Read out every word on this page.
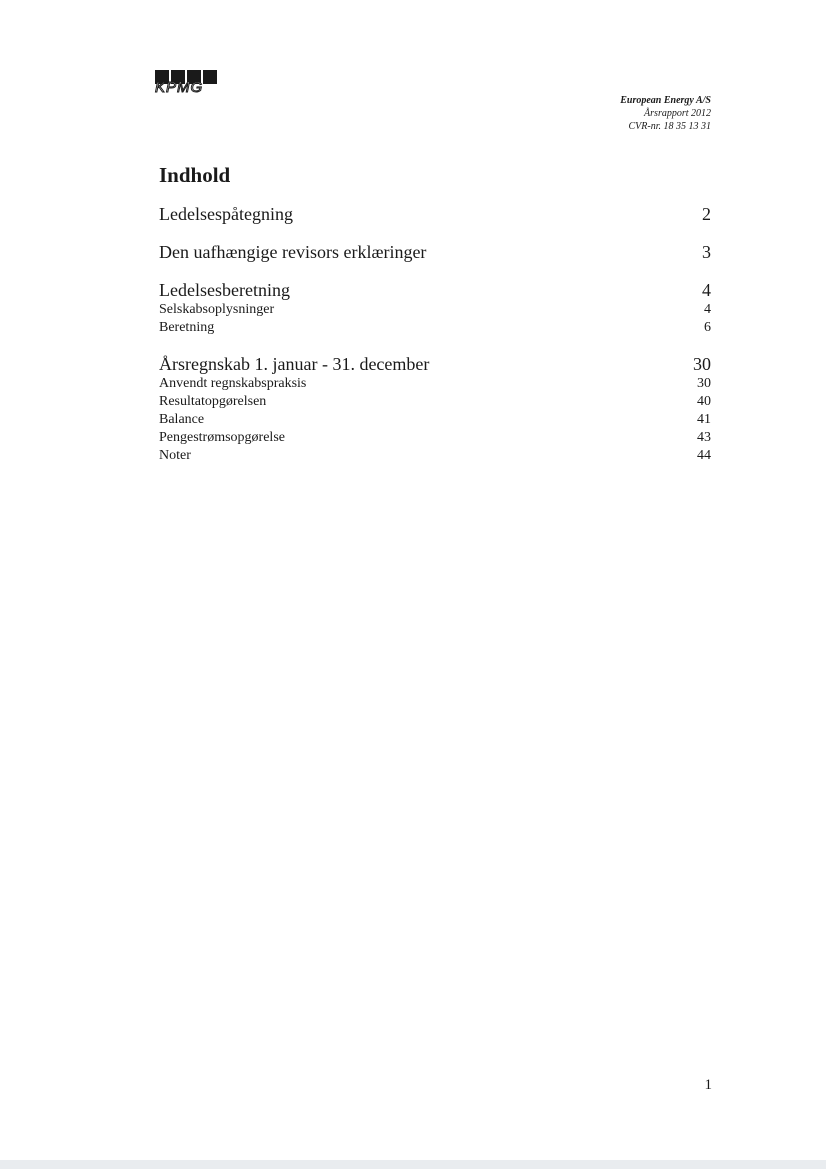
KPMG
European Energy A/S
Årsrapport 2012
CVR-nr. 18 35 13 31
Indhold
Ledelsespåtegning	2
Den uafhængige revisors erklæringer	3
Ledelsesberetning	4
Selskabsoplysninger	4
Beretning	6
Årsregnskab 1. januar - 31. december	30
Anvendt regnskabspraksis	30
Resultatopgørelsen	40
Balance	41
Pengestrømsopgørelse	43
Noter	44
1
